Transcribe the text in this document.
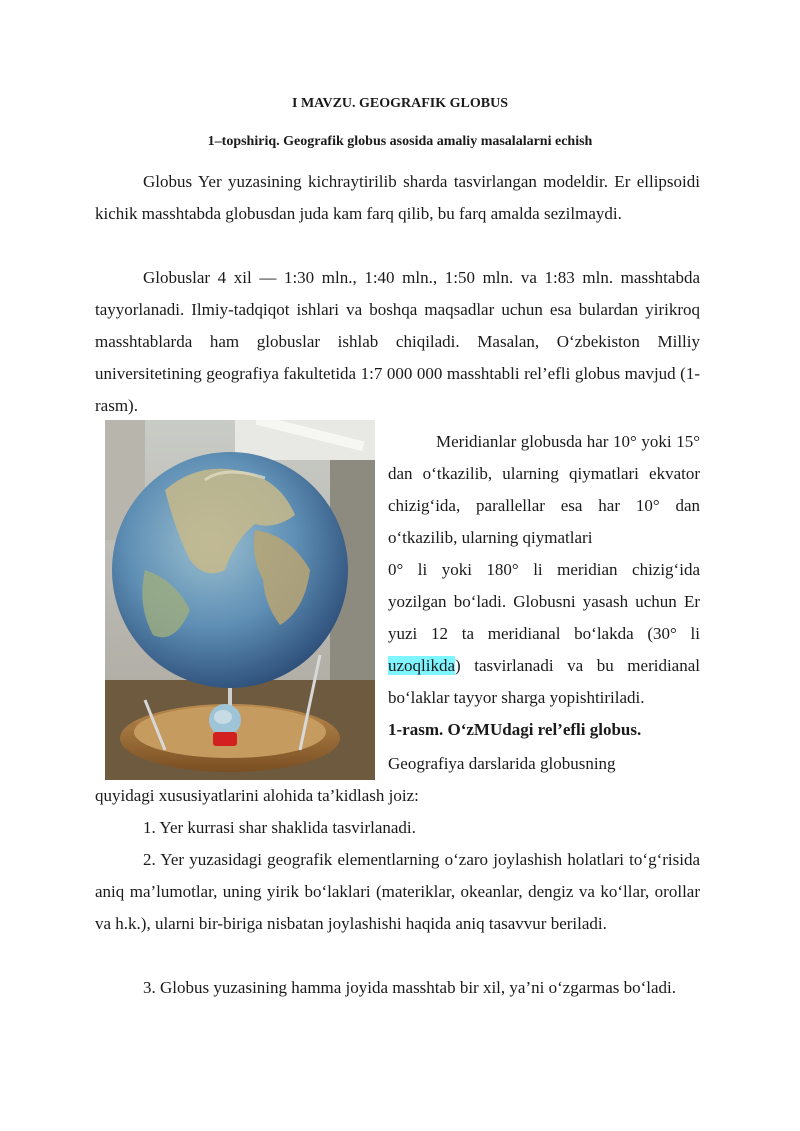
I MAVZU. GEOGRAFIK GLOBUS
1–topshiriq. Geografik globus asosida amaliy masalalarni echish
Globus Yer yuzasining kichraytirilib sharda tasvirlangan modeldir. Er ellipsoidi kichik masshtabda globusdan juda kam farq qilib, bu farq amalda sezilmaydi.
Globuslar 4 xil — 1:30 mln., 1:40 mln., 1:50 mln. va 1:83 mln. masshtabda tayyorlanadi. Ilmiy-tadqiqot ishlari va boshqa maqsadlar uchun esa bulardan yirikroq masshtablarda ham globuslar ishlab chiqiladi. Masalan, O‘zbekiston Milliy universitetining geografiya fakultetida 1:7 000 000 masshtabli rel’efli globus mavjud (1-rasm).
Meridianlar globusda har 10° yoki 15° dan o‘tkazilib, ularning qiymatlari ekvator chizig‘ida, parallellar esa har 10° dan o‘tkazilib, ularning qiymatlari
0° li yoki 180° li meridian chizig‘ida yozilgan bo‘ladi. Globusni yasash uchun Er yuzi 12 ta meridianal bo‘lakda (30° li uzoqlikda) tasvirlanadi va bu meridianal bo‘laklar tayyor sharga yopishtiriladi.
1-rasm. O‘zMUdagi rel’efli globus.
Geografiya darslarida globusning
quyidagi xususiyatlarini alohida ta’kidlash joiz:
1. Yer kurrasi shar shaklida tasvirlanadi.
2. Yer yuzasidagi geografik elementlarning o‘zaro joylashish holatlari to‘g‘risida aniq ma’lumotlar, uning yirik bo‘laklari (materiklar, okeanlar, dengiz va ko‘llar, orollar va h.k.), ularni bir-biriga nisbatan joylashishi haqida aniq tasavvur beriladi.
3. Globus yuzasining hamma joyida masshtab bir xil, ya’ni o‘zgarmas bo‘ladi.
